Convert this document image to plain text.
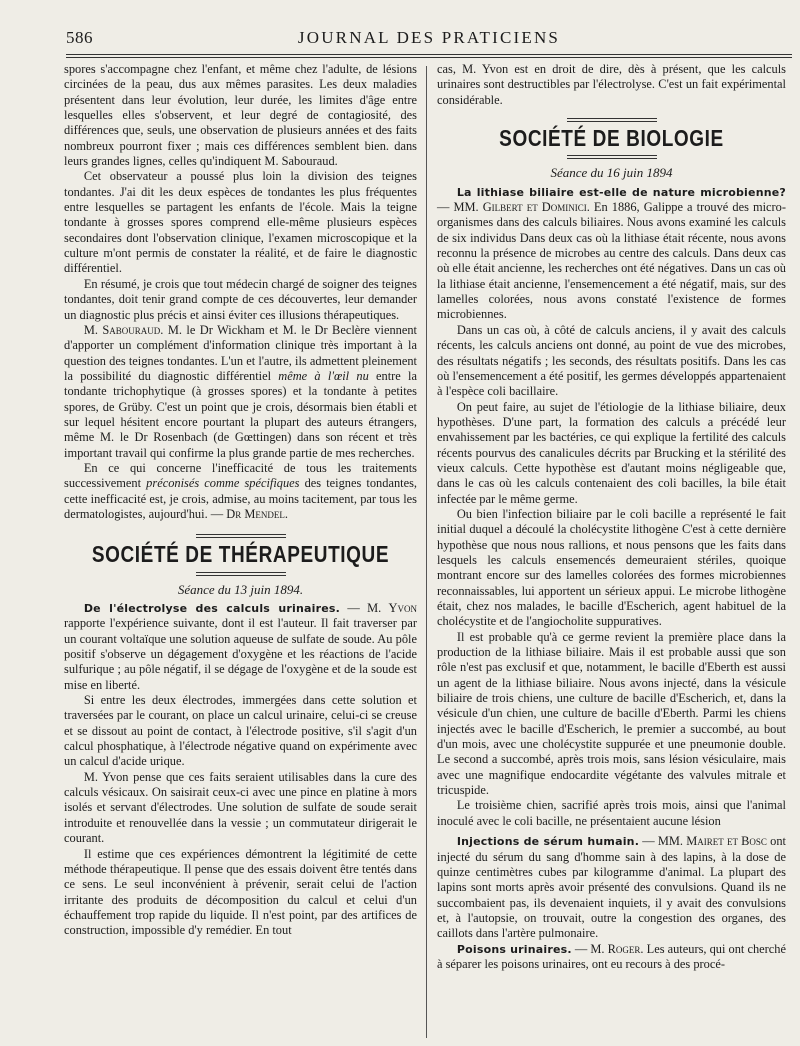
586	JOURNAL DES PRATICIENS

spores s'accompagne chez l'enfant, et même chez l'adulte, de lésions circinées de la peau, dus aux mêmes parasites. Les deux maladies présentent dans leur évolution, leur durée, les limites d'âge entre lesquelles elles s'observent, et leur degré de contagiosité, des différences que, seuls, une observation de plusieurs années et des faits nombreux pourront fixer ; mais ces différences semblent bien. dans leurs grandes lignes, celles qu'indiquent M. Sabouraud.

Cet observateur a poussé plus loin la division des teignes tondantes. J'ai dit les deux espèces de tondantes les plus fréquentes entre lesquelles se partagent les enfants de l'école. Mais la teigne tondante à grosses spores comprend elle-même plusieurs espèces secondaires dont l'observation clinique, l'examen microscopique et la culture m'ont permis de constater la réalité, et de faire le diagnostic différentiel.

En résumé, je crois que tout médecin chargé de soigner des teignes tondantes, doit tenir grand compte de ces découvertes, leur demander un diagnostic plus précis et ainsi éviter ces illusions thérapeutiques.

M. Sabouraud. M. le Dr Wickham et M. le Dr Beclère viennent d'apporter un complément d'information clinique très important à la question des teignes tondantes. L'un et l'autre, ils admettent pleinement la possibilité du diagnostic différentiel même à l'œil nu entre la tondante trichophytique (à grosses spores) et la tondante à petites spores, de Grüby. C'est un point que je crois, désormais bien établi et sur lequel hésitent encore pourtant la plupart des auteurs étrangers, même M. le Dr Rosenbach (de Gœttingen) dans son récent et très important travail qui confirme la plus grande partie de mes recherches.

En ce qui concerne l'inefficacité de tous les traitements successivement préconisés comme spécifiques des teignes tondantes, cette inefficacité est, je crois, admise, au moins tacitement, par tous les dermatologistes, aujourd'hui. — Dr Mendel.

SOCIÉTÉ DE THÉRAPEUTIQUE
Séance du 13 juin 1894.

De l'électrolyse des calculs urinaires. — M. Yvon rapporte l'expérience suivante, dont il est l'auteur. Il fait traverser par un courant voltaïque une solution aqueuse de sulfate de soude. Au pôle positif s'observe un dégagement d'oxygène et les réactions de l'acide sulfurique ; au pôle négatif, il se dégage de l'oxygène et de la soude est mise en liberté.

Si entre les deux électrodes, immergées dans cette solution et traversées par le courant, on place un calcul urinaire, celui-ci se creuse et se dissout au point de contact, à l'électrode positive, s'il s'agit d'un calcul phosphatique, à l'électrode négative quand on expérimente avec un calcul d'acide urique.

M. Yvon pense que ces faits seraient utilisables dans la cure des calculs vésicaux. On saisirait ceux-ci avec une pince en platine à mors isolés et servant d'électrodes. Une solution de sulfate de soude serait introduite et renouvellée dans la vessie ; un commutateur dirigerait le courant.

Il estime que ces expériences démontrent la légitimité de cette méthode thérapeutique. Il pense que des essais doivent être tentés dans ce sens. Le seul inconvénient à prévenir, serait celui de l'action irritante des produits de décomposition du calcul et celui d'un échauffement trop rapide du liquide. Il n'est point, par des artifices de construction, impossible d'y remédier. En tout

cas, M. Yvon est en droit de dire, dès à présent, que les calculs urinaires sont destructibles par l'électrolyse. C'est un fait expérimental considérable.

SOCIÉTÉ DE BIOLOGIE
Séance du 16 juin 1894

La lithiase biliaire est-elle de nature microbienne? — MM. Gilbert et Dominici. En 1886, Galippe a trouvé des micro-organismes dans des calculs biliaires. Nous avons examiné les calculs de six individus Dans deux cas où la lithiase était récente, nous avons reconnu la présence de microbes au centre des calculs. Dans deux cas où elle était ancienne, les recherches ont été négatives. Dans un cas où la lithiase était ancienne, l'ensemencement a été négatif, mais, sur des lamelles colorées, nous avons constaté l'existence de formes microbiennes.

Dans un cas où, à côté de calculs anciens, il y avait des calculs récents, les calculs anciens ont donné, au point de vue des microbes, des résultats négatifs ; les seconds, des résultats positifs. Dans les cas où l'ensemencement a été positif, les germes développés appartenaient à l'espèce coli bacillaire.

On peut faire, au sujet de l'étiologie de la lithiase biliaire, deux hypothèses. D'une part, la formation des calculs a précédé leur envahissement par les bactéries, ce qui explique la fertilité des calculs récents pourvus des canalicules décrits par Brucking et la stérilité des vieux calculs. Cette hypothèse est d'autant moins négligeable que, dans le cas où les calculs contenaient des coli bacilles, la bile était infectée par le même germe.

Ou bien l'infection biliaire par le coli bacille a représenté le fait initial duquel a découlé la cholécystite lithogène C'est à cette dernière hypothèse que nous nous rallions, et nous pensons que les faits dans lesquels les calculs ensemencés demeuraient stériles, quoique montrant encore sur des lamelles colorées des formes microbiennes reconnaissables, lui apportent un sérieux appui. Le microbe lithogène était, chez nos malades, le bacille d'Escherich, agent habituel de la cholécystite et de l'angiocholite suppuratives.

Il est probable qu'à ce germe revient la première place dans la production de la lithiase biliaire. Mais il est probable aussi que son rôle n'est pas exclusif et que, notamment, le bacille d'Eberth est aussi un agent de la lithiase biliaire. Nous avons injecté, dans la vésicule biliaire de trois chiens, une culture de bacille d'Escherich, et, dans la vésicule d'un chien, une culture de bacille d'Eberth. Parmi les chiens injectés avec le bacille d'Escherich, le premier a succombé, au bout d'un mois, avec une cholécystite suppurée et une pneumonie double. Le second a succombé, après trois mois, sans lésion vésiculaire, mais avec une magnifique endocardite végétante des valvules mitrale et tricuspide.

Le troisième chien, sacrifié après trois mois, ainsi que l'animal inoculé avec le coli bacille, ne présentaient aucune lésion

Injections de sérum humain. — MM. Mairet et Bosc ont injecté du sérum du sang d'homme sain à des lapins, à la dose de quinze centimètres cubes par kilogramme d'animal. La plupart des lapins sont morts après avoir présenté des convulsions. Quand ils ne succombaient pas, ils devenaient inquiets, il y avait des convulsions et, à l'autopsie, on trouvait, outre la congestion des organes, des caillots dans l'artère pulmonaire.

Poisons urinaires. — M. Roger. Les auteurs, qui ont cherché à séparer les poisons urinaires, ont eu recours à des procé-
